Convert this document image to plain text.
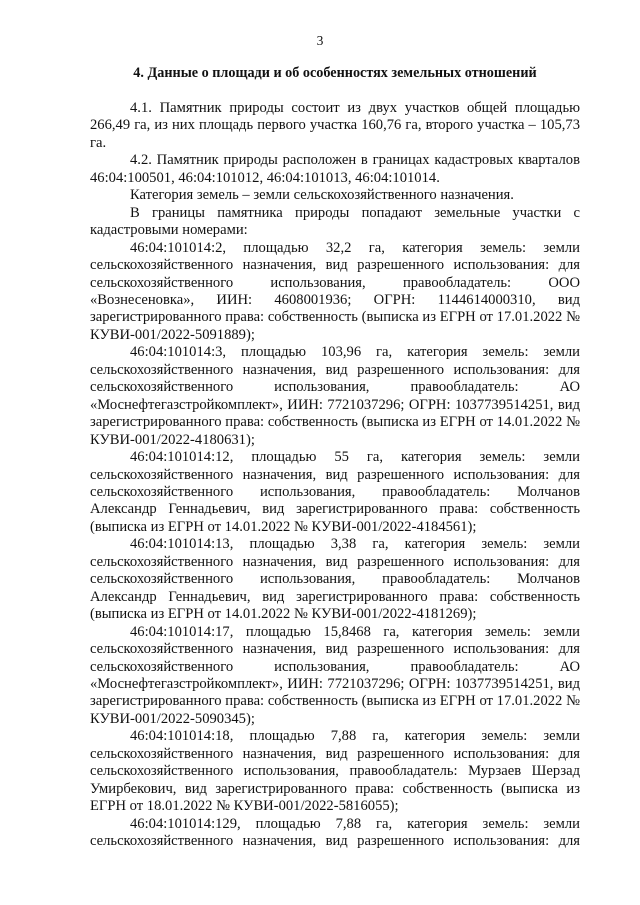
3
4. Данные о площади и об особенностях земельных отношений

4.1. Памятник природы состоит из двух участков общей площадью 266,49 га, из них площадь первого участка 160,76 га, второго участка – 105,73 га.

4.2. Памятник природы расположен в границах кадастровых кварталов 46:04:100501, 46:04:101012, 46:04:101013, 46:04:101014.

Категория земель – земли сельскохозяйственного назначения.

В границы памятника природы попадают земельные участки с кадастровыми номерами:

46:04:101014:2, площадью 32,2 га, категория земель: земли сельскохозяйственного назначения, вид разрешенного использования: для сельскохозяйственного использования, правообладатель: ООО «Вознесеновка», ИИН: 4608001936; ОГРН: 1144614000310, вид зарегистрированного права: собственность (выписка из ЕГРН от 17.01.2022 № КУВИ-001/2022-5091889);

46:04:101014:3, площадью 103,96 га, категория земель: земли сельскохозяйственного назначения, вид разрешенного использования: для сельскохозяйственного использования, правообладатель: АО «Моснефтегазстройкомплект», ИИН: 7721037296; ОГРН: 1037739514251, вид зарегистрированного права: собственность (выписка из ЕГРН от 14.01.2022 № КУВИ-001/2022-4180631);

46:04:101014:12, площадью 55 га, категория земель: земли сельскохозяйственного назначения, вид разрешенного использования: для сельскохозяйственного использования, правообладатель: Молчанов Александр Геннадьевич, вид зарегистрированного права: собственность (выписка из ЕГРН от 14.01.2022 № КУВИ-001/2022-4184561);

46:04:101014:13, площадью 3,38 га, категория земель: земли сельскохозяйственного назначения, вид разрешенного использования: для сельскохозяйственного использования, правообладатель: Молчанов Александр Геннадьевич, вид зарегистрированного права: собственность (выписка из ЕГРН от 14.01.2022 № КУВИ-001/2022-4181269);

46:04:101014:17, площадью 15,8468 га, категория земель: земли сельскохозяйственного назначения, вид разрешенного использования: для сельскохозяйственного использования, правообладатель: АО «Моснефтегазстройкомплект», ИИН: 7721037296; ОГРН: 1037739514251, вид зарегистрированного права: собственность (выписка из ЕГРН от 17.01.2022 № КУВИ-001/2022-5090345);

46:04:101014:18, площадью 7,88 га, категория земель: земли сельскохозяйственного назначения, вид разрешенного использования: для сельскохозяйственного использования, правообладатель: Мурзаев Шерзад Умирбекович, вид зарегистрированного права: собственность (выписка из ЕГРН от 18.01.2022 № КУВИ-001/2022-5816055);

46:04:101014:129, площадью 7,88 га, категория земель: земли сельскохозяйственного назначения, вид разрешенного использования: для
